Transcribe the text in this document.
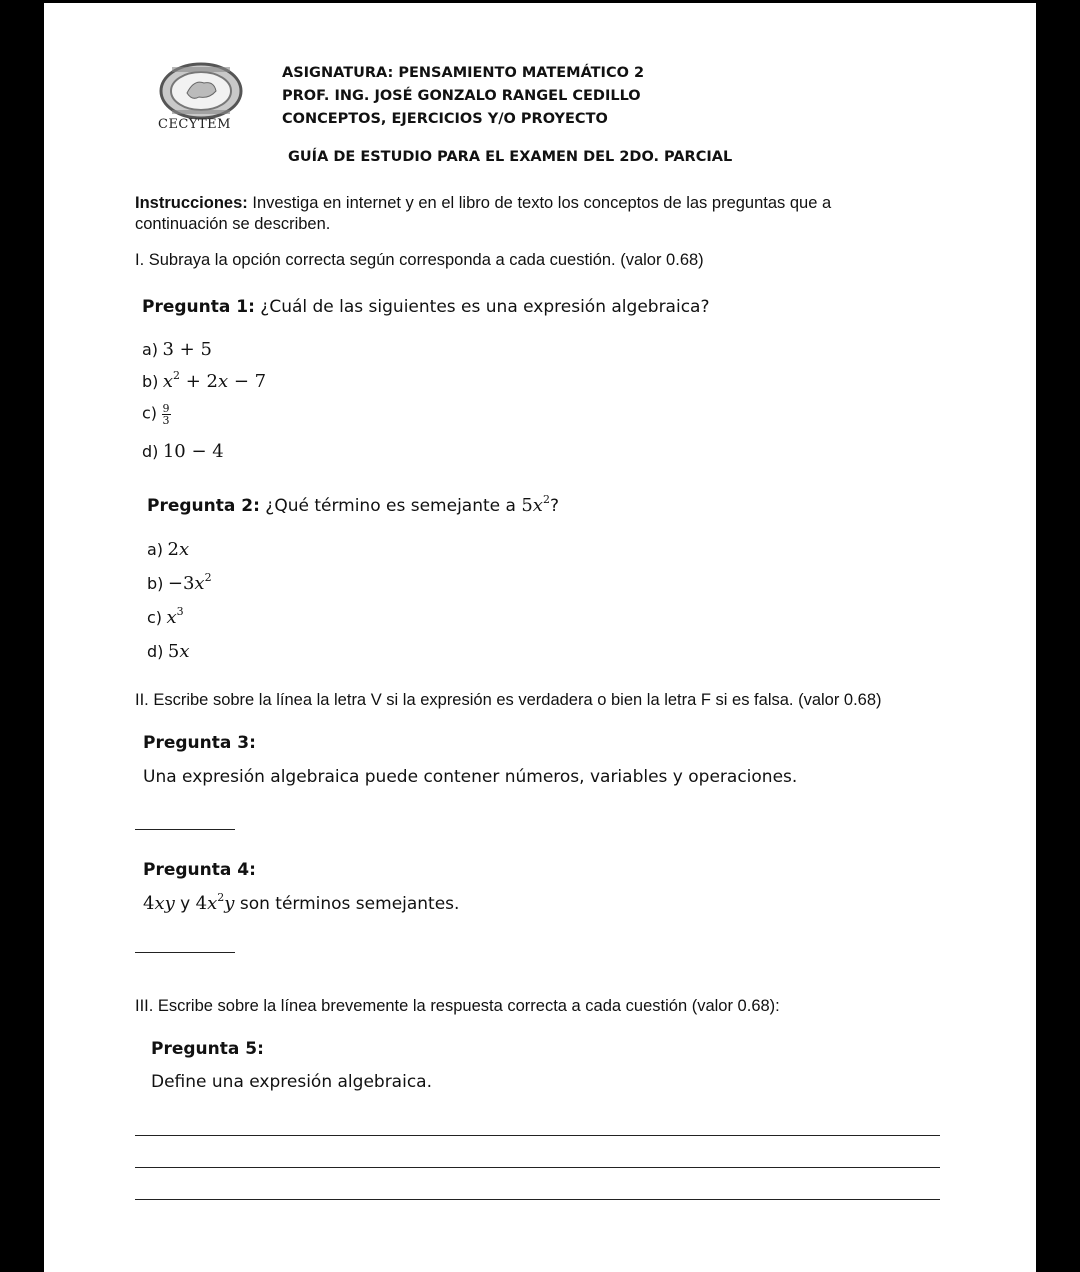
CECYTEM
ASIGNATURA: PENSAMIENTO MATEMÁTICO 2
PROF. ING. JOSÉ GONZALO RANGEL CEDILLO
CONCEPTOS, EJERCICIOS Y/O PROYECTO
GUÍA DE ESTUDIO PARA EL EXAMEN DEL 2DO. PARCIAL
Instrucciones: Investiga en internet y en el libro de texto los conceptos de las preguntas que a
continuación se describen.
I. Subraya la opción correcta según corresponda a cada cuestión. (valor 0.68)
Pregunta 1: ¿Cuál de las siguientes es una expresión algebraica?
a) 3 + 5
b) $x^2 + 2x - 7$
$c) \frac{9}{3}$
d) 10 − 4
Pregunta 2: ¿Qué término es semejante a $5x^2$?
a) 2x
$b) -3x^2$
c) $x^3$
d) 5x
II. Escribe sobre la línea la letra V si la expresión es verdadera o bien la letra F si es falsa. (valor 0.68)
Pregunta 3:
Una expresión algebraica puede contener números, variables y operaciones.
Pregunta 4:
4xy y $4x^2y$ son términos semejantes.
III. Escribe sobre la línea brevemente la respuesta correcta a cada cuestión (valor 0.68):
Pregunta 5:
Define una expresión algebraica.
